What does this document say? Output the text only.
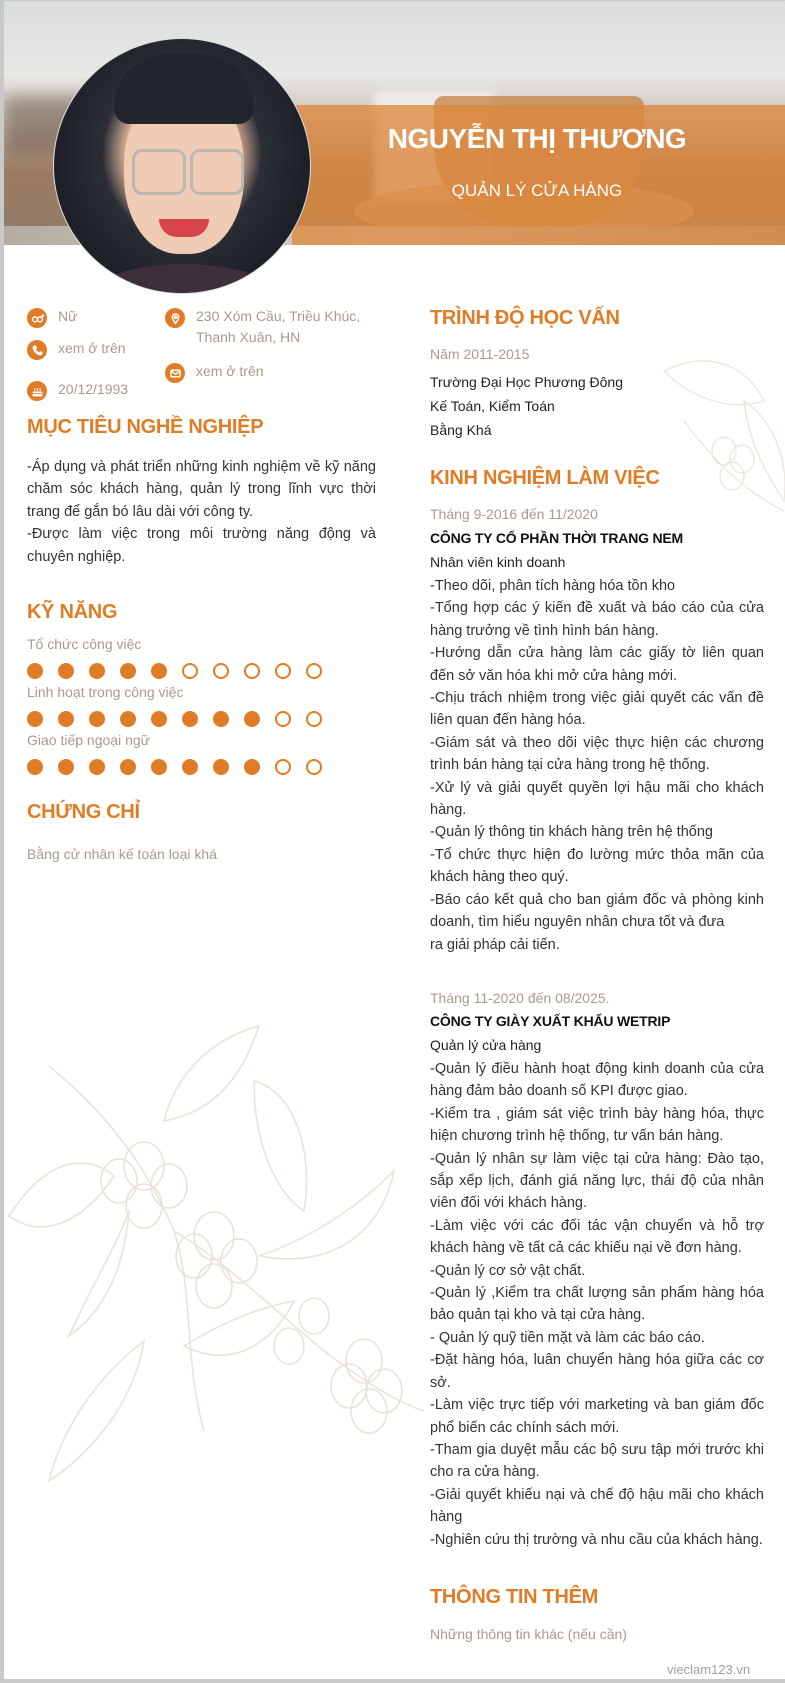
NGUYỄN THỊ THƯƠNG
QUẢN LÝ CỬA HÀNG
Nữ
xem ở trên
20/12/1993
230 Xóm Cầu, Triều Khúc,
Thanh Xuân, HN
xem ở trên
MỤC TIÊU NGHỀ NGHIỆP
-Áp dụng và phát triển những kinh nghiệm về kỹ năng chăm sóc khách hàng, quản lý trong lĩnh vực thời trang để gắn bó lâu dài với công ty.
-Được làm việc trong môi trường năng động và chuyên nghiệp.
KỸ NĂNG
Tổ chức công việc
Linh hoạt trong công việc
Giao tiếp ngoại ngữ
CHỨNG CHỈ
Bằng cử nhân kế toán loại khá
TRÌNH ĐỘ HỌC VẤN
Năm 2011-2015
Trường Đại Học Phương Đông
Kế Toán, Kiểm Toán
Bằng Khá
KINH NGHIỆM LÀM VIỆC
Tháng 9-2016 đến 11/2020
CÔNG TY CỔ PHẦN THỜI TRANG NEM
Nhân viên kinh doanh
-Theo dõi, phân tích hàng hóa tồn kho
-Tổng hợp các ý kiến đề xuất và báo cáo của cửa hàng trưởng về tình hình bán hàng.
-Hướng dẫn cửa hàng làm các giấy tờ liên quan đến sở văn hóa khi mở cửa hàng mới.
-Chịu trách nhiệm trong việc giải quyết các vấn đề liên quan đến hàng hóa.
-Giám sát và theo dõi việc thực hiện các chương trình bán hàng tại cửa hàng trong hệ thống.
-Xử lý và giải quyết quyền lợi hậu mãi cho khách hàng.
-Quản lý thông tin khách hàng trên hệ thống
-Tổ chức thực hiện đo lường mức thỏa mãn của khách hàng theo quý.
-Báo cáo kết quả cho ban giám đốc và phòng kinh doanh, tìm hiểu nguyên nhân chưa tốt và đưa
ra giải pháp cải tiến.
Tháng 11-2020 đến 08/2025.
CÔNG TY GIÀY XUẤT KHẨU WETRIP
Quản lý cửa hàng
-Quản lý điều hành hoạt động kinh doanh của cửa hàng đảm bảo doanh số KPI được giao.
-Kiểm tra , giám sát việc trình bày hàng hóa, thực hiện chương trình hệ thống, tư vấn bán hàng.
-Quản lý nhân sự làm việc tại cửa hàng: Đào tạo, sắp xếp lịch, đánh giá năng lực, thái độ của nhân viên đối với khách hàng.
-Làm việc với các đối tác vận chuyển và hỗ trợ khách hàng về tất cả các khiếu nại về đơn hàng.
-Quản lý cơ sở vật chất.
-Quản lý ,Kiểm tra chất lượng sản phẩm hàng hóa bảo quản tại kho và tại cửa hàng.
- Quản lý quỹ tiền mặt và làm các báo cáo.
-Đặt hàng hóa, luân chuyển hàng hóa giữa các cơ sở.
-Làm việc trực tiếp với marketing và ban giám đốc phổ biến các chính sách mới.
-Tham gia duyệt mẫu các bộ sưu tập mới trước khi cho ra cửa hàng.
-Giải quyết khiếu nại và chế độ hậu mãi cho khách hàng
-Nghiên cứu thị trường và nhu cầu của khách hàng.
THÔNG TIN THÊM
Những thông tin khác (nếu cần)
vieclam123.vn
